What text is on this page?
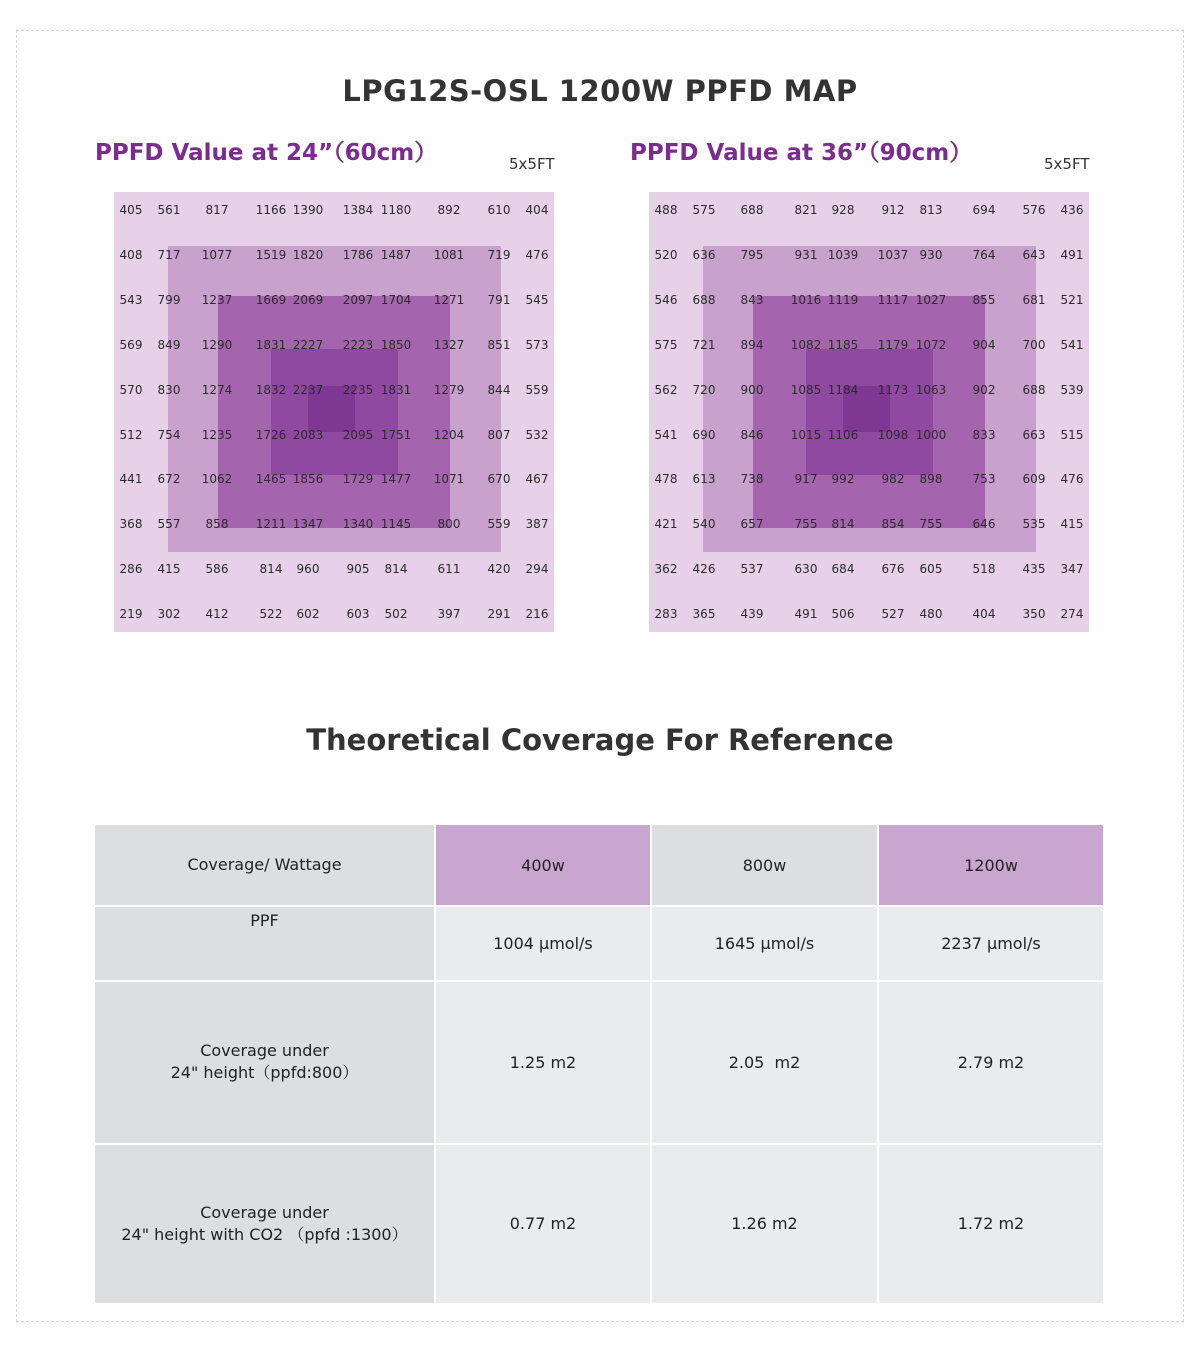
LPG12S-OSL 1200W PPFD MAP
PPFD Value at 24”（60cm）	5x5FT
405 561 817 1166 1390 1384 1180 892 610 404
408 717 1077 1519 1820 1786 1487 1081 719 476
543 799 1237 1669 2069 2097 1704 1271 791 545
569 849 1290 1831 2227 2223 1850 1327 851 573
570 830 1274 1832 2237 2235 1831 1279 844 559
512 754 1235 1726 2083 2095 1751 1204 807 532
441 672 1062 1465 1856 1729 1477 1071 670 467
368 557 858 1211 1347 1340 1145 800 559 387
286 415 586	814 960 905 814	611 420 294
219 302 412	522 602 603 502	397 291 216
PPFD Value at 36”（90cm）	5x5FT
488 575 688	821 928 912 813	694 576 436
520 636 795	931 1039 1037 930	764 643 491
546 688 843 1016 1119 1117 1027 855 681 521
575 721 894 1082 1185 1179 1072 904 700 541
562 720 900 1085 1184 1173 1063 902 688 539
541 690 846 1015 1106 1098 1000 833 663 515
478 613 738	917 992 982 898	753 609 476
421 540 657	755 814 854 755	646 535 415
362 426 537	630 684 676 605	518 435 347
283 365 439	491 506 527 480	404 350 274
Theoretical Coverage For Reference
Coverage/ Wattage	400w	800w	1200w

PPF	1004 μmol/s	1645 μmol/s	2237 μmol/s

Coverage under
24" height（ppfd:800）	1.25 m2	2.05  m2	2.79 m2

Coverage under
24" height with CO2 （ppfd :1300）	0.77 m2	1.26 m2	1.72 m2
